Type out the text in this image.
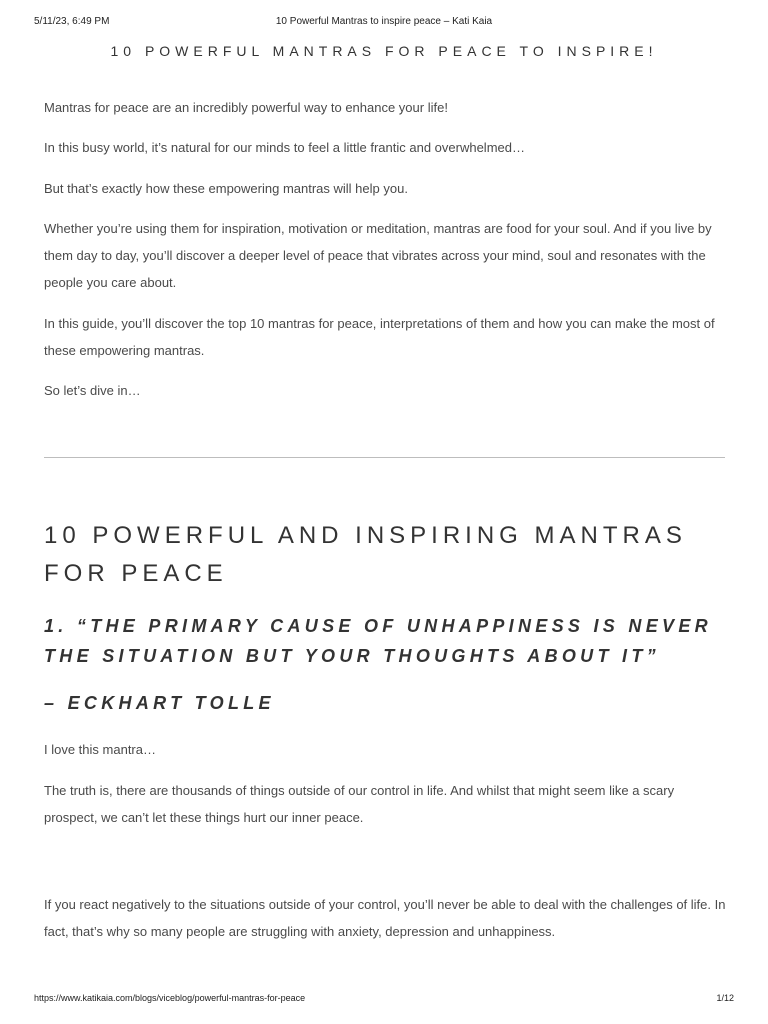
5/11/23, 6:49 PM	10 Powerful Mantras to inspire peace – Kati Kaia
10 POWERFUL MANTRAS FOR PEACE TO INSPIRE!

Mantras for peace are an incredibly powerful way to enhance your life!

In this busy world, it’s natural for our minds to feel a little frantic and overwhelmed…

But that’s exactly how these empowering mantras will help you.

Whether you’re using them for inspiration, motivation or meditation, mantras are food for your soul. And if you live by them day to day, you’ll discover a deeper level of peace that vibrates across your mind, soul and resonates with the people you care about.

In this guide, you’ll discover the top 10 mantras for peace, interpretations of them and how you can make the most of these empowering mantras.

So let’s dive in…

10 POWERFUL AND INSPIRING MANTRAS FOR PEACE
1. “THE PRIMARY CAUSE OF UNHAPPINESS IS NEVER THE SITUATION BUT YOUR THOUGHTS ABOUT IT”
– ECKHART TOLLE

I love this mantra…

The truth is, there are thousands of things outside of our control in life. And whilst that might seem like a scary prospect, we can’t let these things hurt our inner peace.

If you react negatively to the situations outside of your control, you’ll never be able to deal with the challenges of life. In fact, that’s why so many people are struggling with anxiety, depression and unhappiness.

https://www.katikaia.com/blogs/viceblog/powerful-mantras-for-peace	1/12
